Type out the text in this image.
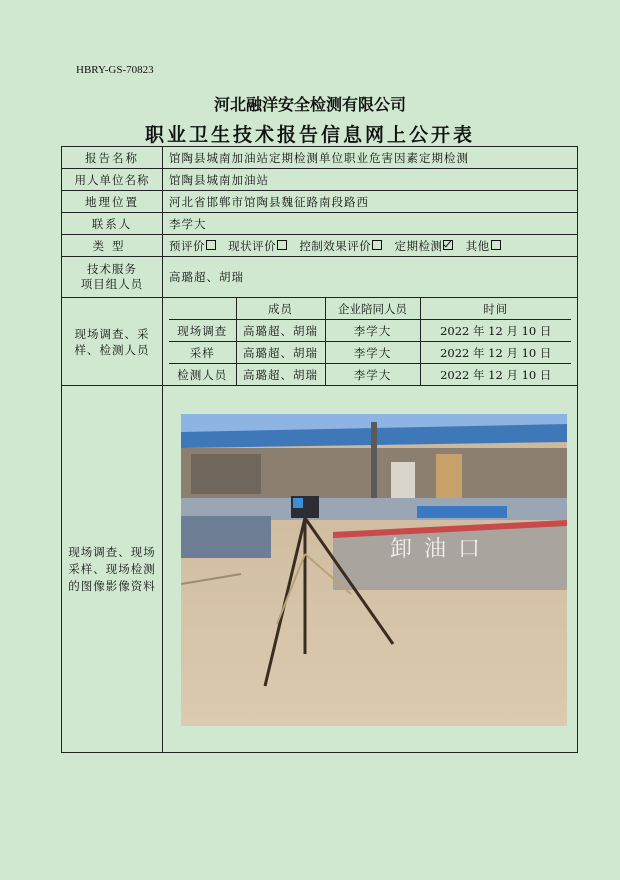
HBRY-GS-70823
河北融洋安全检测有限公司
职业卫生技术报告信息网上公开表
报告名称	馆陶县城南加油站定期检测单位职业危害因素定期检测
用人单位名称	馆陶县城南加油站
地理位置	河北省邯郸市馆陶县魏征路南段路西
联系人	李学大
类型	预评价 现状评价 控制效果评价 定期检测 其他

技术服务
项目组人员	高璐超、胡瑞
现场调查、采样、检测人员	
	成员	企业陪同人员	时间
现场调查	高璐超、胡瑞	李学大	2022 年 12 月 10 日
采样	高璐超、胡瑞	李学大	2022 年 12 月 10 日
检测人员	高璐超、胡瑞	李学大	2022 年 12 月 10 日

现场调查、现场采样、现场检测的图像影像资料	
卸油口
